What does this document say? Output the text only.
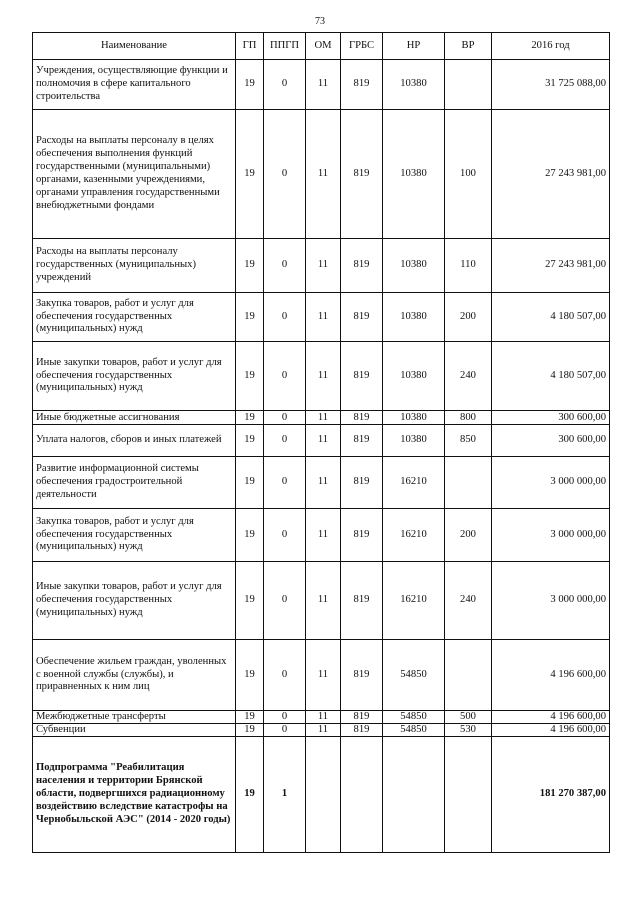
73
Наименование	ГП	ППГП	ОМ	ГРБС	НР	ВР	2016 год
Учреждения, осуществляющие функции и полномочия в сфере капитального строительства	19	0	11	819	10380		31 725 088,00
Расходы на выплаты персоналу в целях обеспечения выполнения функций государственными (муниципальными) органами, казенными учреждениями, органами управления государственными внебюджетными фондами	19	0	11	819	10380	100	27 243 981,00
Расходы на выплаты персоналу государственных (муниципальных) учреждений	19	0	11	819	10380	110	27 243 981,00
Закупка товаров, работ и услуг для обеспечения государственных (муниципальных) нужд	19	0	11	819	10380	200	4 180 507,00
Иные закупки товаров, работ и услуг для обеспечения государственных (муниципальных) нужд	19	0	11	819	10380	240	4 180 507,00
Иные бюджетные ассигнования	19	0	11	819	10380	800	300 600,00
Уплата налогов, сборов и иных платежей	19	0	11	819	10380	850	300 600,00
Развитие информационной системы обеспечения градостроительной деятельности	19	0	11	819	16210		3 000 000,00
Закупка товаров, работ и услуг для обеспечения государственных (муниципальных) нужд	19	0	11	819	16210	200	3 000 000,00
Иные закупки товаров, работ и услуг для обеспечения государственных (муниципальных) нужд	19	0	11	819	16210	240	3 000 000,00
Обеспечение жильем граждан, уволенных с военной службы (службы), и приравненных к ним лиц	19	0	11	819	54850		4 196 600,00
Межбюджетные трансферты	19	0	11	819	54850	500	4 196 600,00
Субвенции	19	0	11	819	54850	530	4 196 600,00
Подпрограмма "Реабилитация населения и территории Брянской области, подвергшихся радиационному воздействию вследствие катастрофы на Чернобыльской АЭС" (2014 - 2020 годы)	19	1					181 270 387,00
